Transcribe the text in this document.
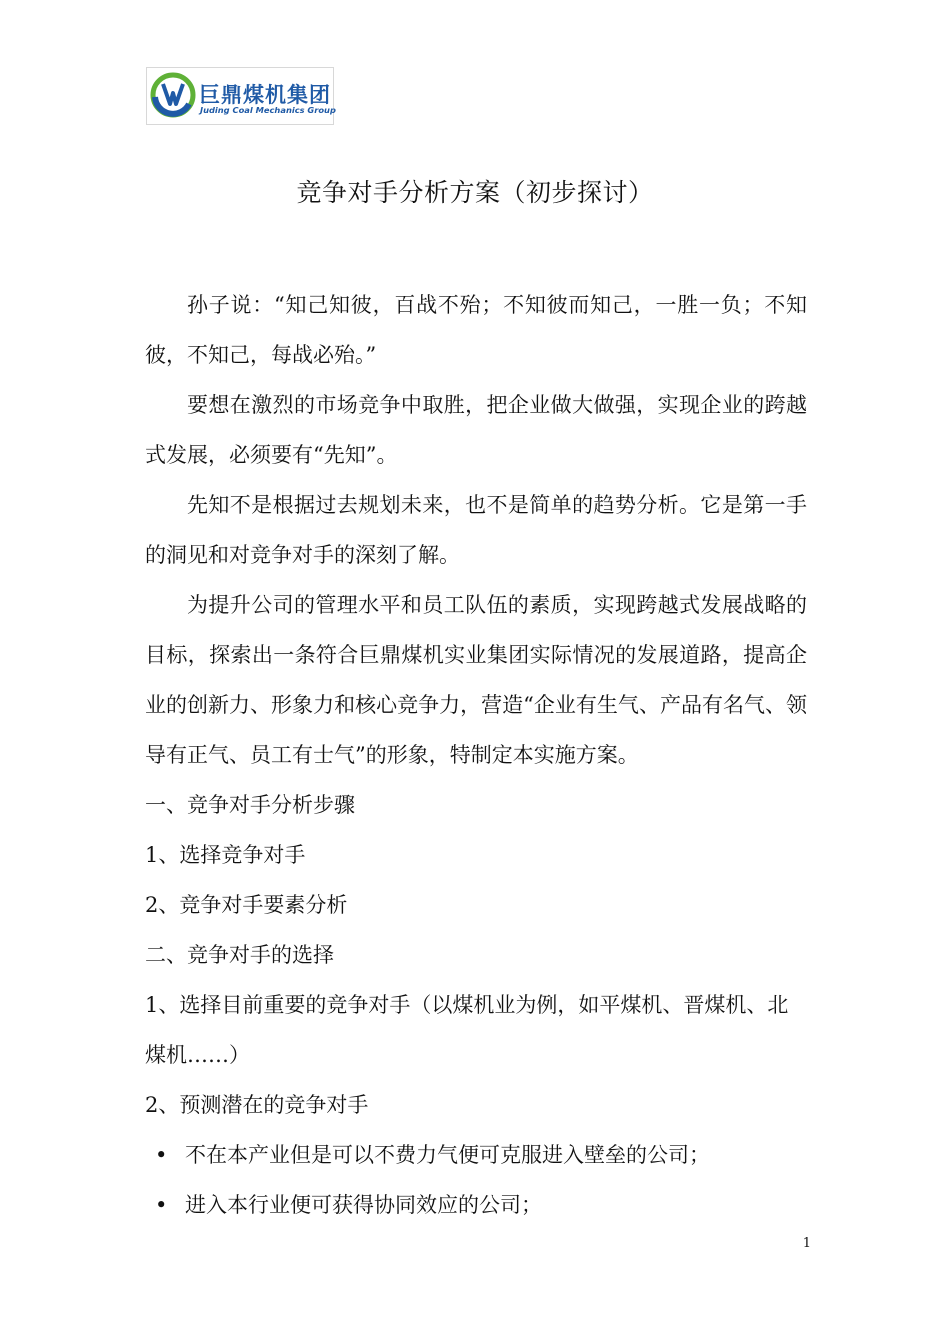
巨鼎煤机集团
Juding Coal Mechanics Group
竞争对手分析方案（初步探讨）

孙子说：“知己知彼，百战不殆；不知彼而知己，一胜一负；不知彼，不知己，每战必殆。”

要想在激烈的市场竞争中取胜，把企业做大做强，实现企业的跨越式发展，必须要有“先知”。

先知不是根据过去规划未来，也不是简单的趋势分析。它是第一手的洞见和对竞争对手的深刻了解。

为提升公司的管理水平和员工队伍的素质，实现跨越式发展战略的目标，探索出一条符合巨鼎煤机实业集团实际情况的发展道路，提高企业的创新力、形象力和核心竞争力，营造“企业有生气、产品有名气、领导有正气、员工有士气”的形象，特制定本实施方案。

一、竞争对手分析步骤

1、选择竞争对手

2、竞争对手要素分析

二、竞争对手的选择

1、选择目前重要的竞争对手（以煤机业为例，如平煤机、晋煤机、北煤机……）

2、预测潜在的竞争对手

• 不在本产业但是可以不费力气便可克服进入壁垒的公司；
• 进入本行业便可获得协同效应的公司；
1
